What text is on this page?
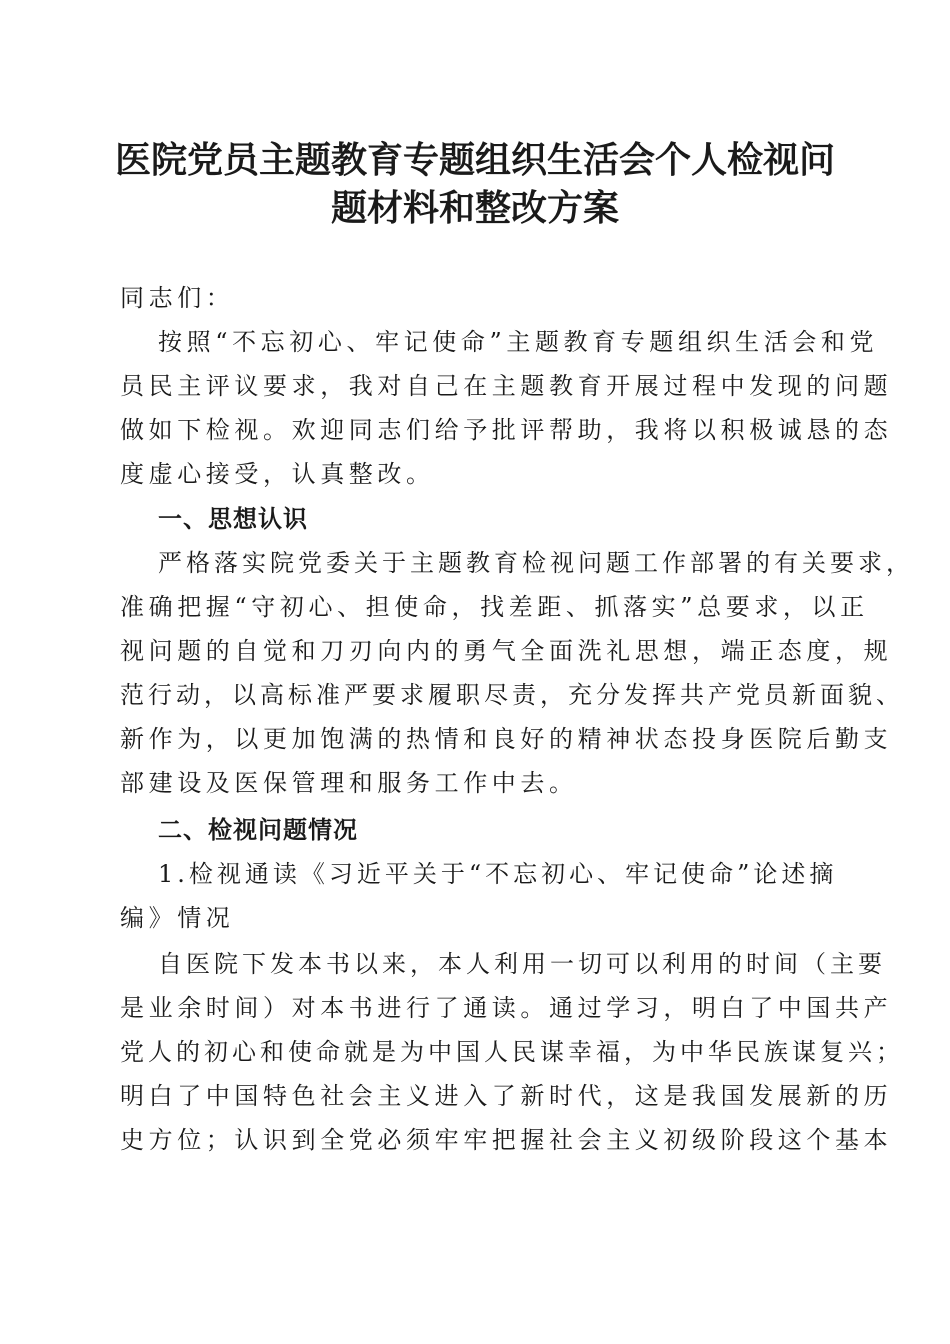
医院党员主题教育专题组织生活会个人检视问
题材料和整改方案
同志们：
按照“不忘初心、牢记使命”主题教育专题组织生活会和党
员民主评议要求，我对自己在主题教育开展过程中发现的问题
做如下检视。欢迎同志们给予批评帮助，我将以积极诚恳的态
度虚心接受，认真整改。
一、思想认识
严格落实院党委关于主题教育检视问题工作部署的有关要求，
准确把握“守初心、担使命，找差距、抓落实”总要求，以正
视问题的自觉和刀刃向内的勇气全面洗礼思想，端正态度，规
范行动，以高标准严要求履职尽责，充分发挥共产党员新面貌、
新作为，以更加饱满的热情和良好的精神状态投身医院后勤支
部建设及医保管理和服务工作中去。
二、检视问题情况
1.检视通读《习近平关于“不忘初心、牢记使命”论述摘
编》情况
自医院下发本书以来，本人利用一切可以利用的时间（主要
是业余时间）对本书进行了通读。通过学习，明白了中国共产
党人的初心和使命就是为中国人民谋幸福，为中华民族谋复兴；
明白了中国特色社会主义进入了新时代，这是我国发展新的历
史方位；认识到全党必须牢牢把握社会主义初级阶段这个基本
